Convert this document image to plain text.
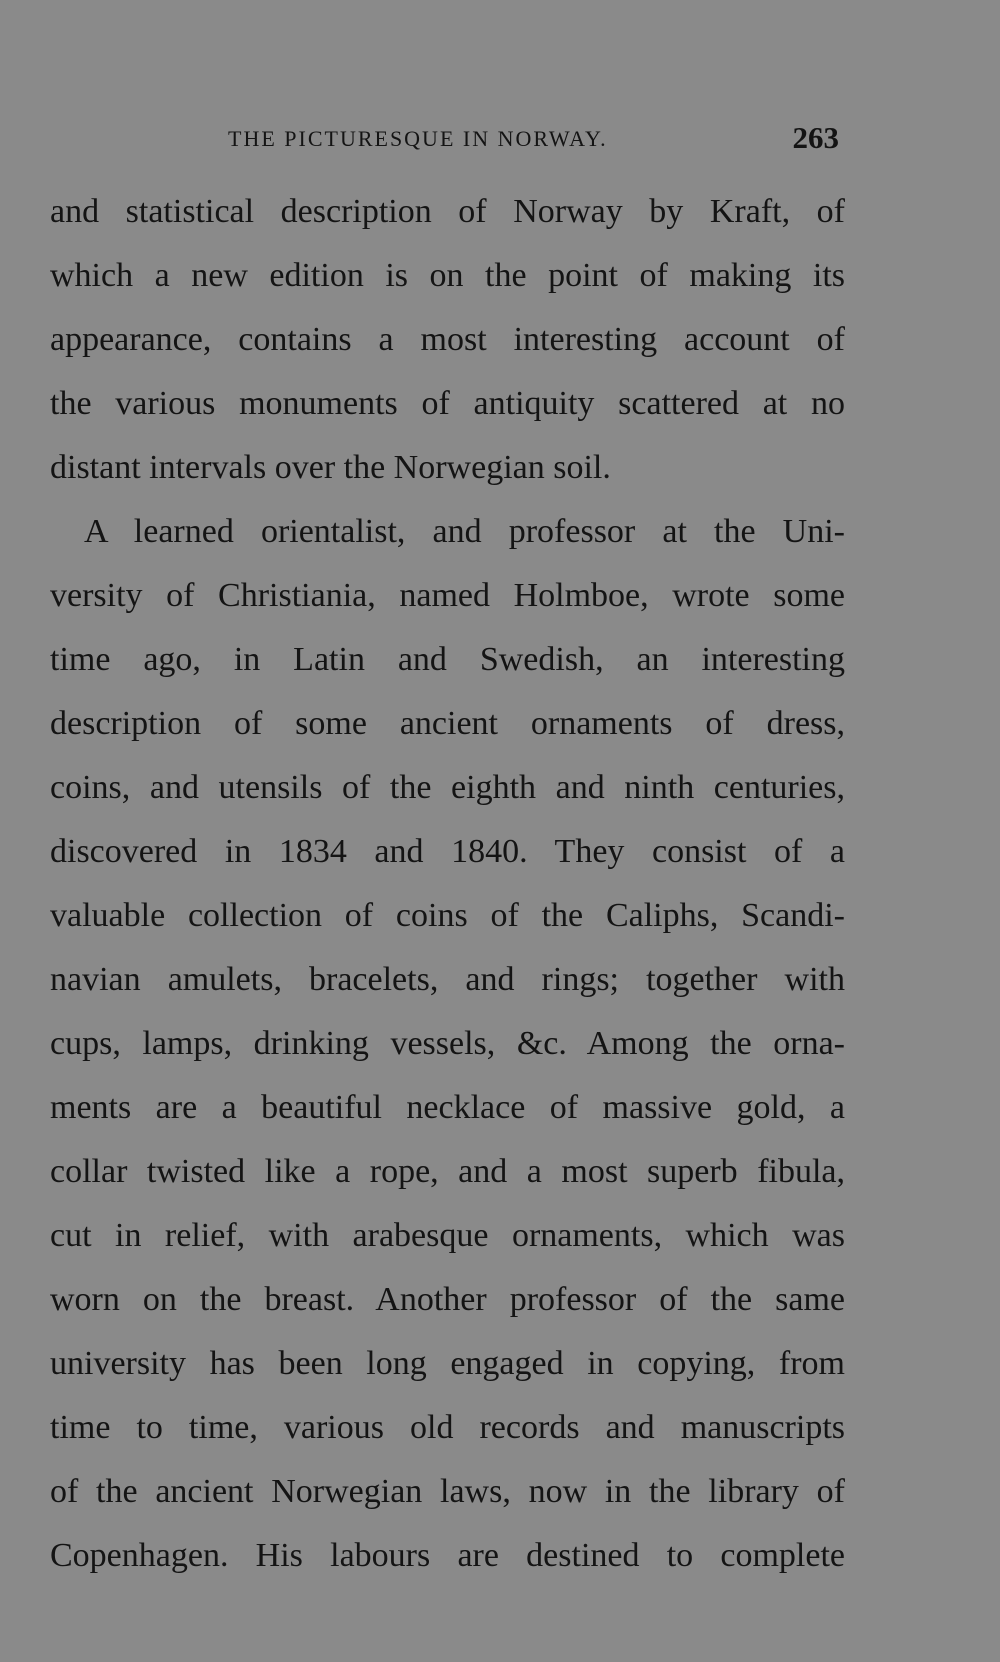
THE PICTURESQUE IN NORWAY.	263
and statistical description of Norway by Kraft, of
which a new edition is on the point of making its
appearance, contains a most interesting account of
the various monuments of antiquity scattered at no
distant intervals over the Norwegian soil.
A learned orientalist, and professor at the Uni-
versity of Christiania, named Holmboe, wrote some
time ago, in Latin and Swedish, an interesting
description of some ancient ornaments of dress,
coins, and utensils of the eighth and ninth centuries,
discovered in 1834 and 1840. They consist of a
valuable collection of coins of the Caliphs, Scandi-
navian amulets, bracelets, and rings; together with
cups, lamps, drinking vessels, &c. Among the orna-
ments are a beautiful necklace of massive gold, a
collar twisted like a rope, and a most superb fibula,
cut in relief, with arabesque ornaments, which was
worn on the breast. Another professor of the same
university has been long engaged in copying, from
time to time, various old records and manuscripts
of the ancient Norwegian laws, now in the library of
Copenhagen. His labours are destined to complete
